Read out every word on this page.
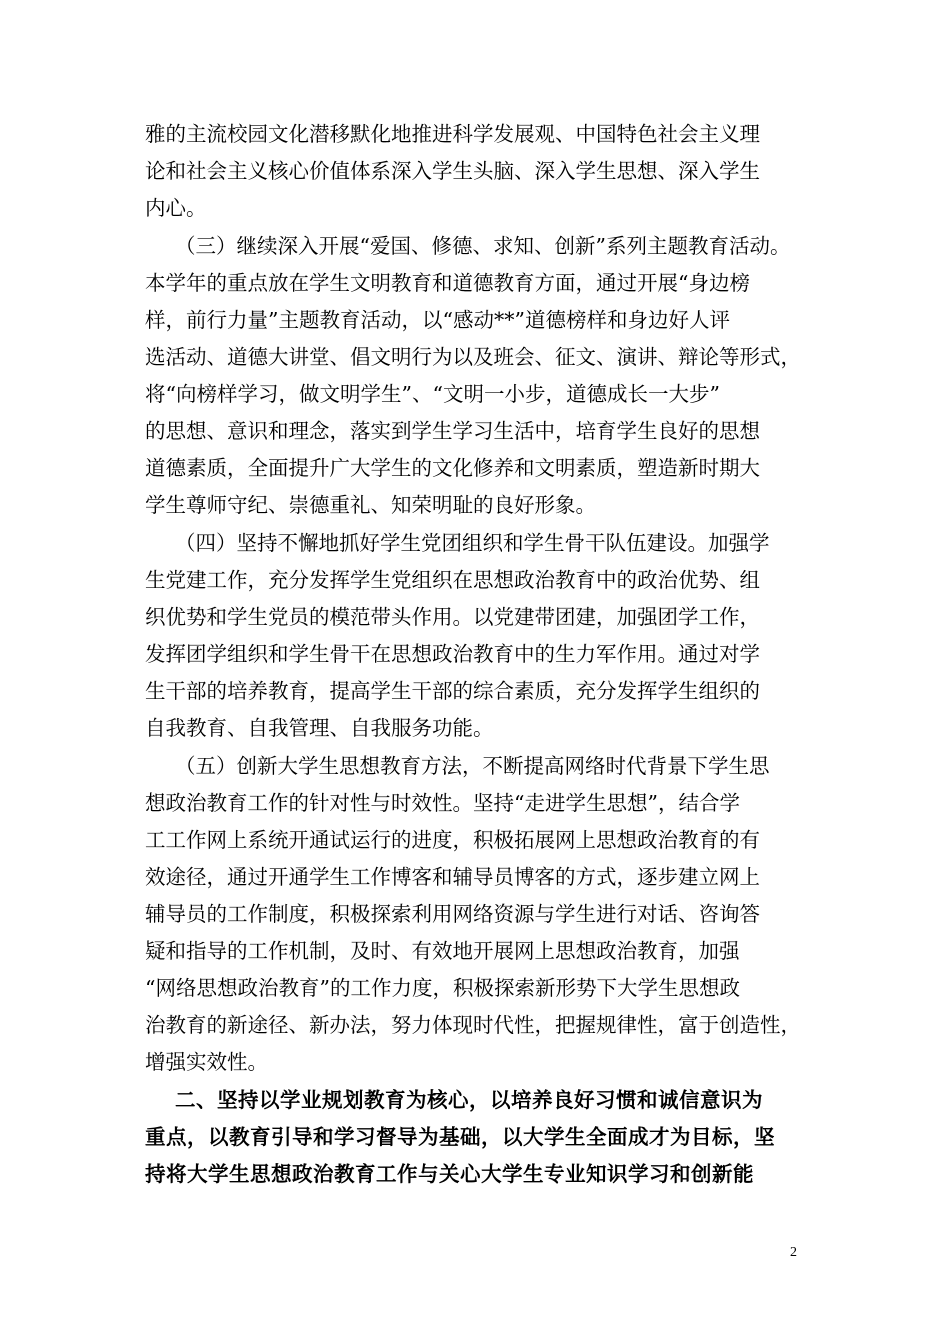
雅的主流校园文化潜移默化地推进科学发展观、中国特色社会主义理
论和社会主义核心价值体系深入学生头脑、深入学生思想、深入学生
内心。
（三）继续深入开展“爱国、修德、求知、创新”系列主题教育活动。
本学年的重点放在学生文明教育和道德教育方面，通过开展“身边榜
样，前行力量”主题教育活动，以“感动**”道德榜样和身边好人评
选活动、道德大讲堂、倡文明行为以及班会、征文、演讲、辩论等形式，
将“向榜样学习，做文明学生”、“文明一小步，道德成长一大步”
的思想、意识和理念，落实到学生学习生活中，培育学生良好的思想
道德素质，全面提升广大学生的文化修养和文明素质，塑造新时期大
学生尊师守纪、崇德重礼、知荣明耻的良好形象。
（四）坚持不懈地抓好学生党团组织和学生骨干队伍建设。加强学
生党建工作，充分发挥学生党组织在思想政治教育中的政治优势、组
织优势和学生党员的模范带头作用。以党建带团建，加强团学工作，
发挥团学组织和学生骨干在思想政治教育中的生力军作用。通过对学
生干部的培养教育，提高学生干部的综合素质，充分发挥学生组织的
自我教育、自我管理、自我服务功能。
（五）创新大学生思想教育方法，不断提高网络时代背景下学生思
想政治教育工作的针对性与时效性。坚持“走进学生思想”，结合学
工工作网上系统开通试运行的进度，积极拓展网上思想政治教育的有
效途径，通过开通学生工作博客和辅导员博客的方式，逐步建立网上
辅导员的工作制度，积极探索利用网络资源与学生进行对话、咨询答
疑和指导的工作机制，及时、有效地开展网上思想政治教育，加强
“网络思想政治教育”的工作力度，积极探索新形势下大学生思想政
治教育的新途径、新办法，努力体现时代性，把握规律性，富于创造性，
增强实效性。
二、坚持以学业规划教育为核心，以培养良好习惯和诚信意识为
重点，以教育引导和学习督导为基础，以大学生全面成才为目标，坚
持将大学生思想政治教育工作与关心大学生专业知识学习和创新能
2
